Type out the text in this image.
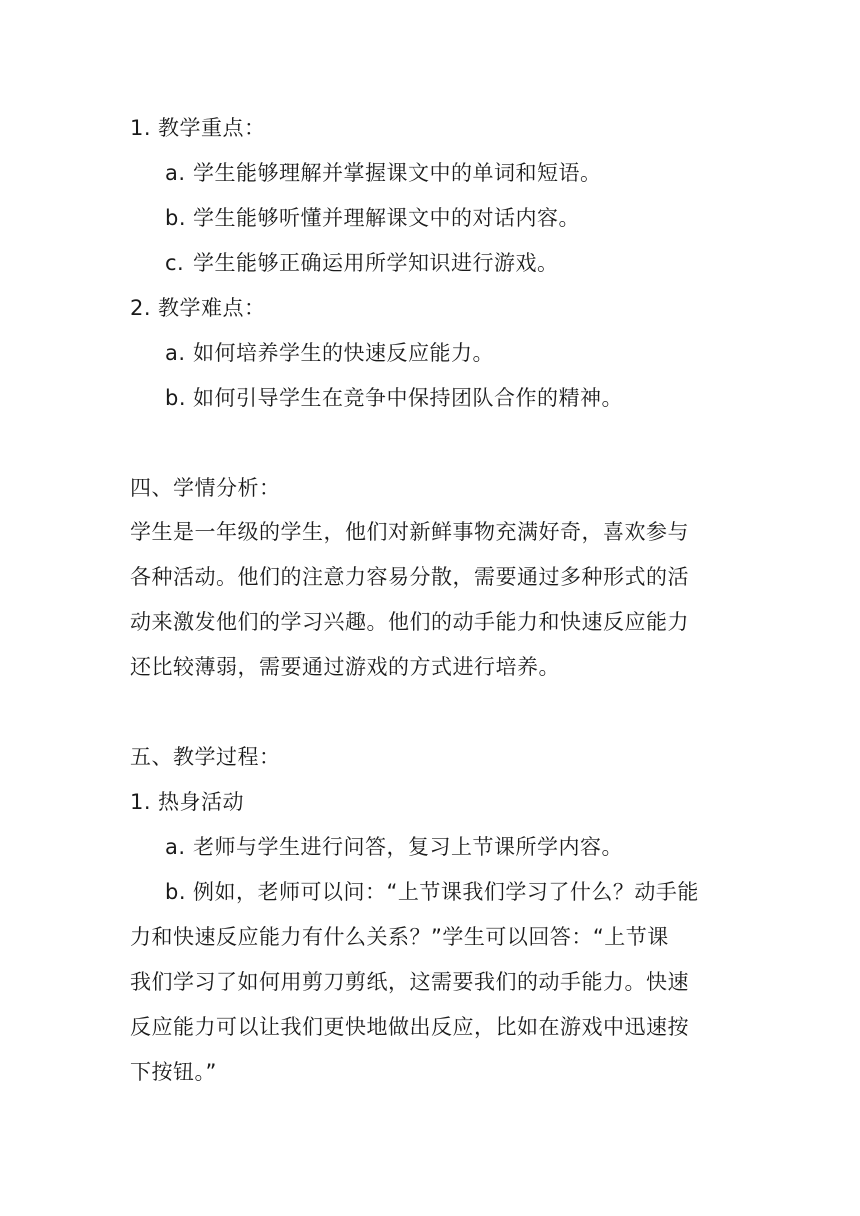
1. 教学重点：
a. 学生能够理解并掌握课文中的单词和短语。
b. 学生能够听懂并理解课文中的对话内容。
c. 学生能够正确运用所学知识进行游戏。
2. 教学难点：
a. 如何培养学生的快速反应能力。
b. 如何引导学生在竞争中保持团队合作的精神。
四、学情分析：
学生是一年级的学生，他们对新鲜事物充满好奇，喜欢参与
各种活动。他们的注意力容易分散，需要通过多种形式的活
动来激发他们的学习兴趣。他们的动手能力和快速反应能力
还比较薄弱，需要通过游戏的方式进行培养。
五、教学过程：
1. 热身活动
a. 老师与学生进行问答，复习上节课所学内容。
b. 例如，老师可以问：“上节课我们学习了什么？动手能
力和快速反应能力有什么关系？”学生可以回答：“上节课
我们学习了如何用剪刀剪纸，这需要我们的动手能力。快速
反应能力可以让我们更快地做出反应，比如在游戏中迅速按
下按钮。”
